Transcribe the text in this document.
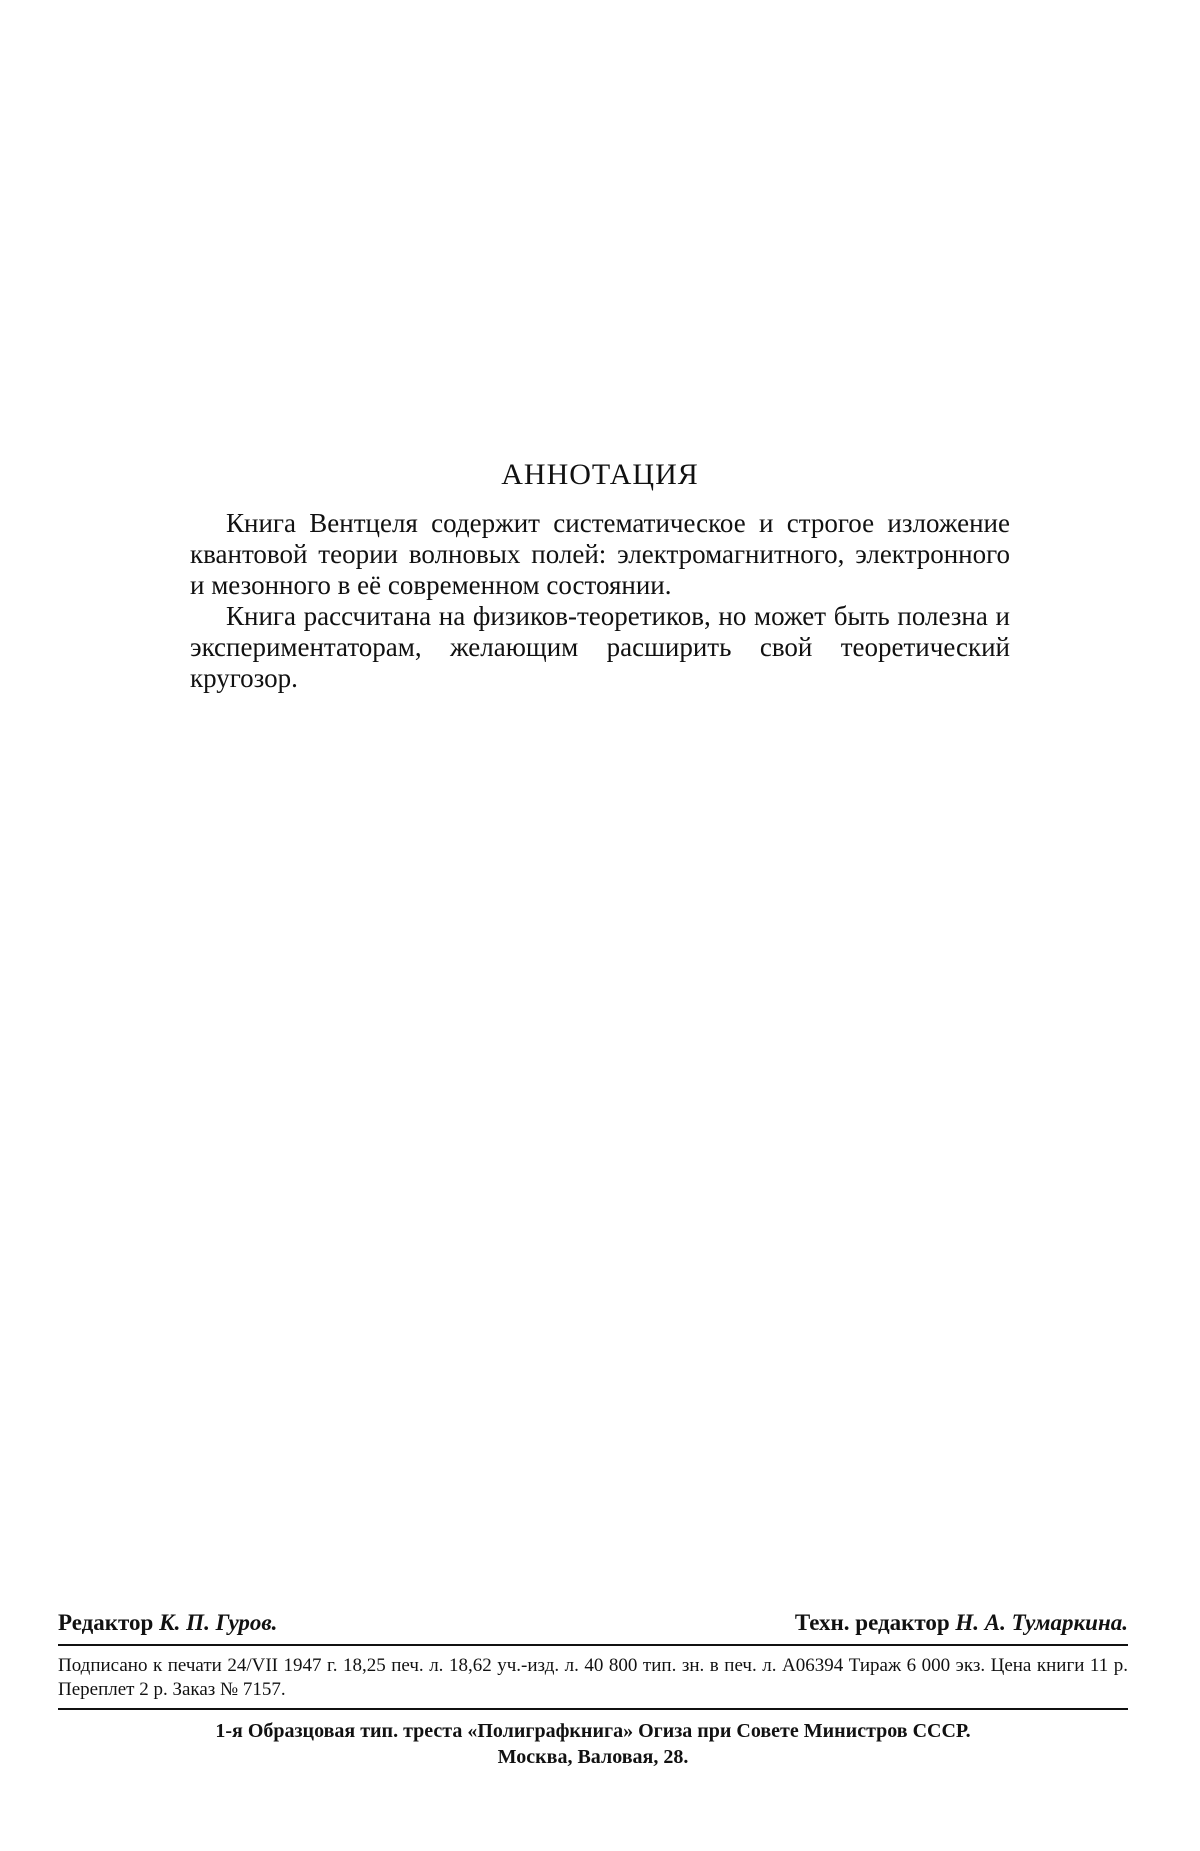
АННОТАЦИЯ

Книга Вентцеля содержит систематическое и строгое изложение квантовой теории волновых полей: электромагнитного, электронного и мезонного в её современном состоянии.

Книга рассчитана на физиков-теоретиков, но может быть полезна и экспериментаторам, желающим расширить свой теоретический кругозор.

Редактор К. П. Гуров.	Техн. редактор Н. А. Тумаркина.
Подписано к печати 24/VII 1947 г. 18,25 печ. л. 18,62 уч.-изд. л. 40 800 тип. зн. в печ. л. А06394 Тираж 6 000 экз. Цена книги 11 р. Переплет 2 р. Заказ № 7157.
1-я Образцовая тип. треста «Полиграфкнига» Огиза при Совете Министров СССР.
Москва, Валовая, 28.
